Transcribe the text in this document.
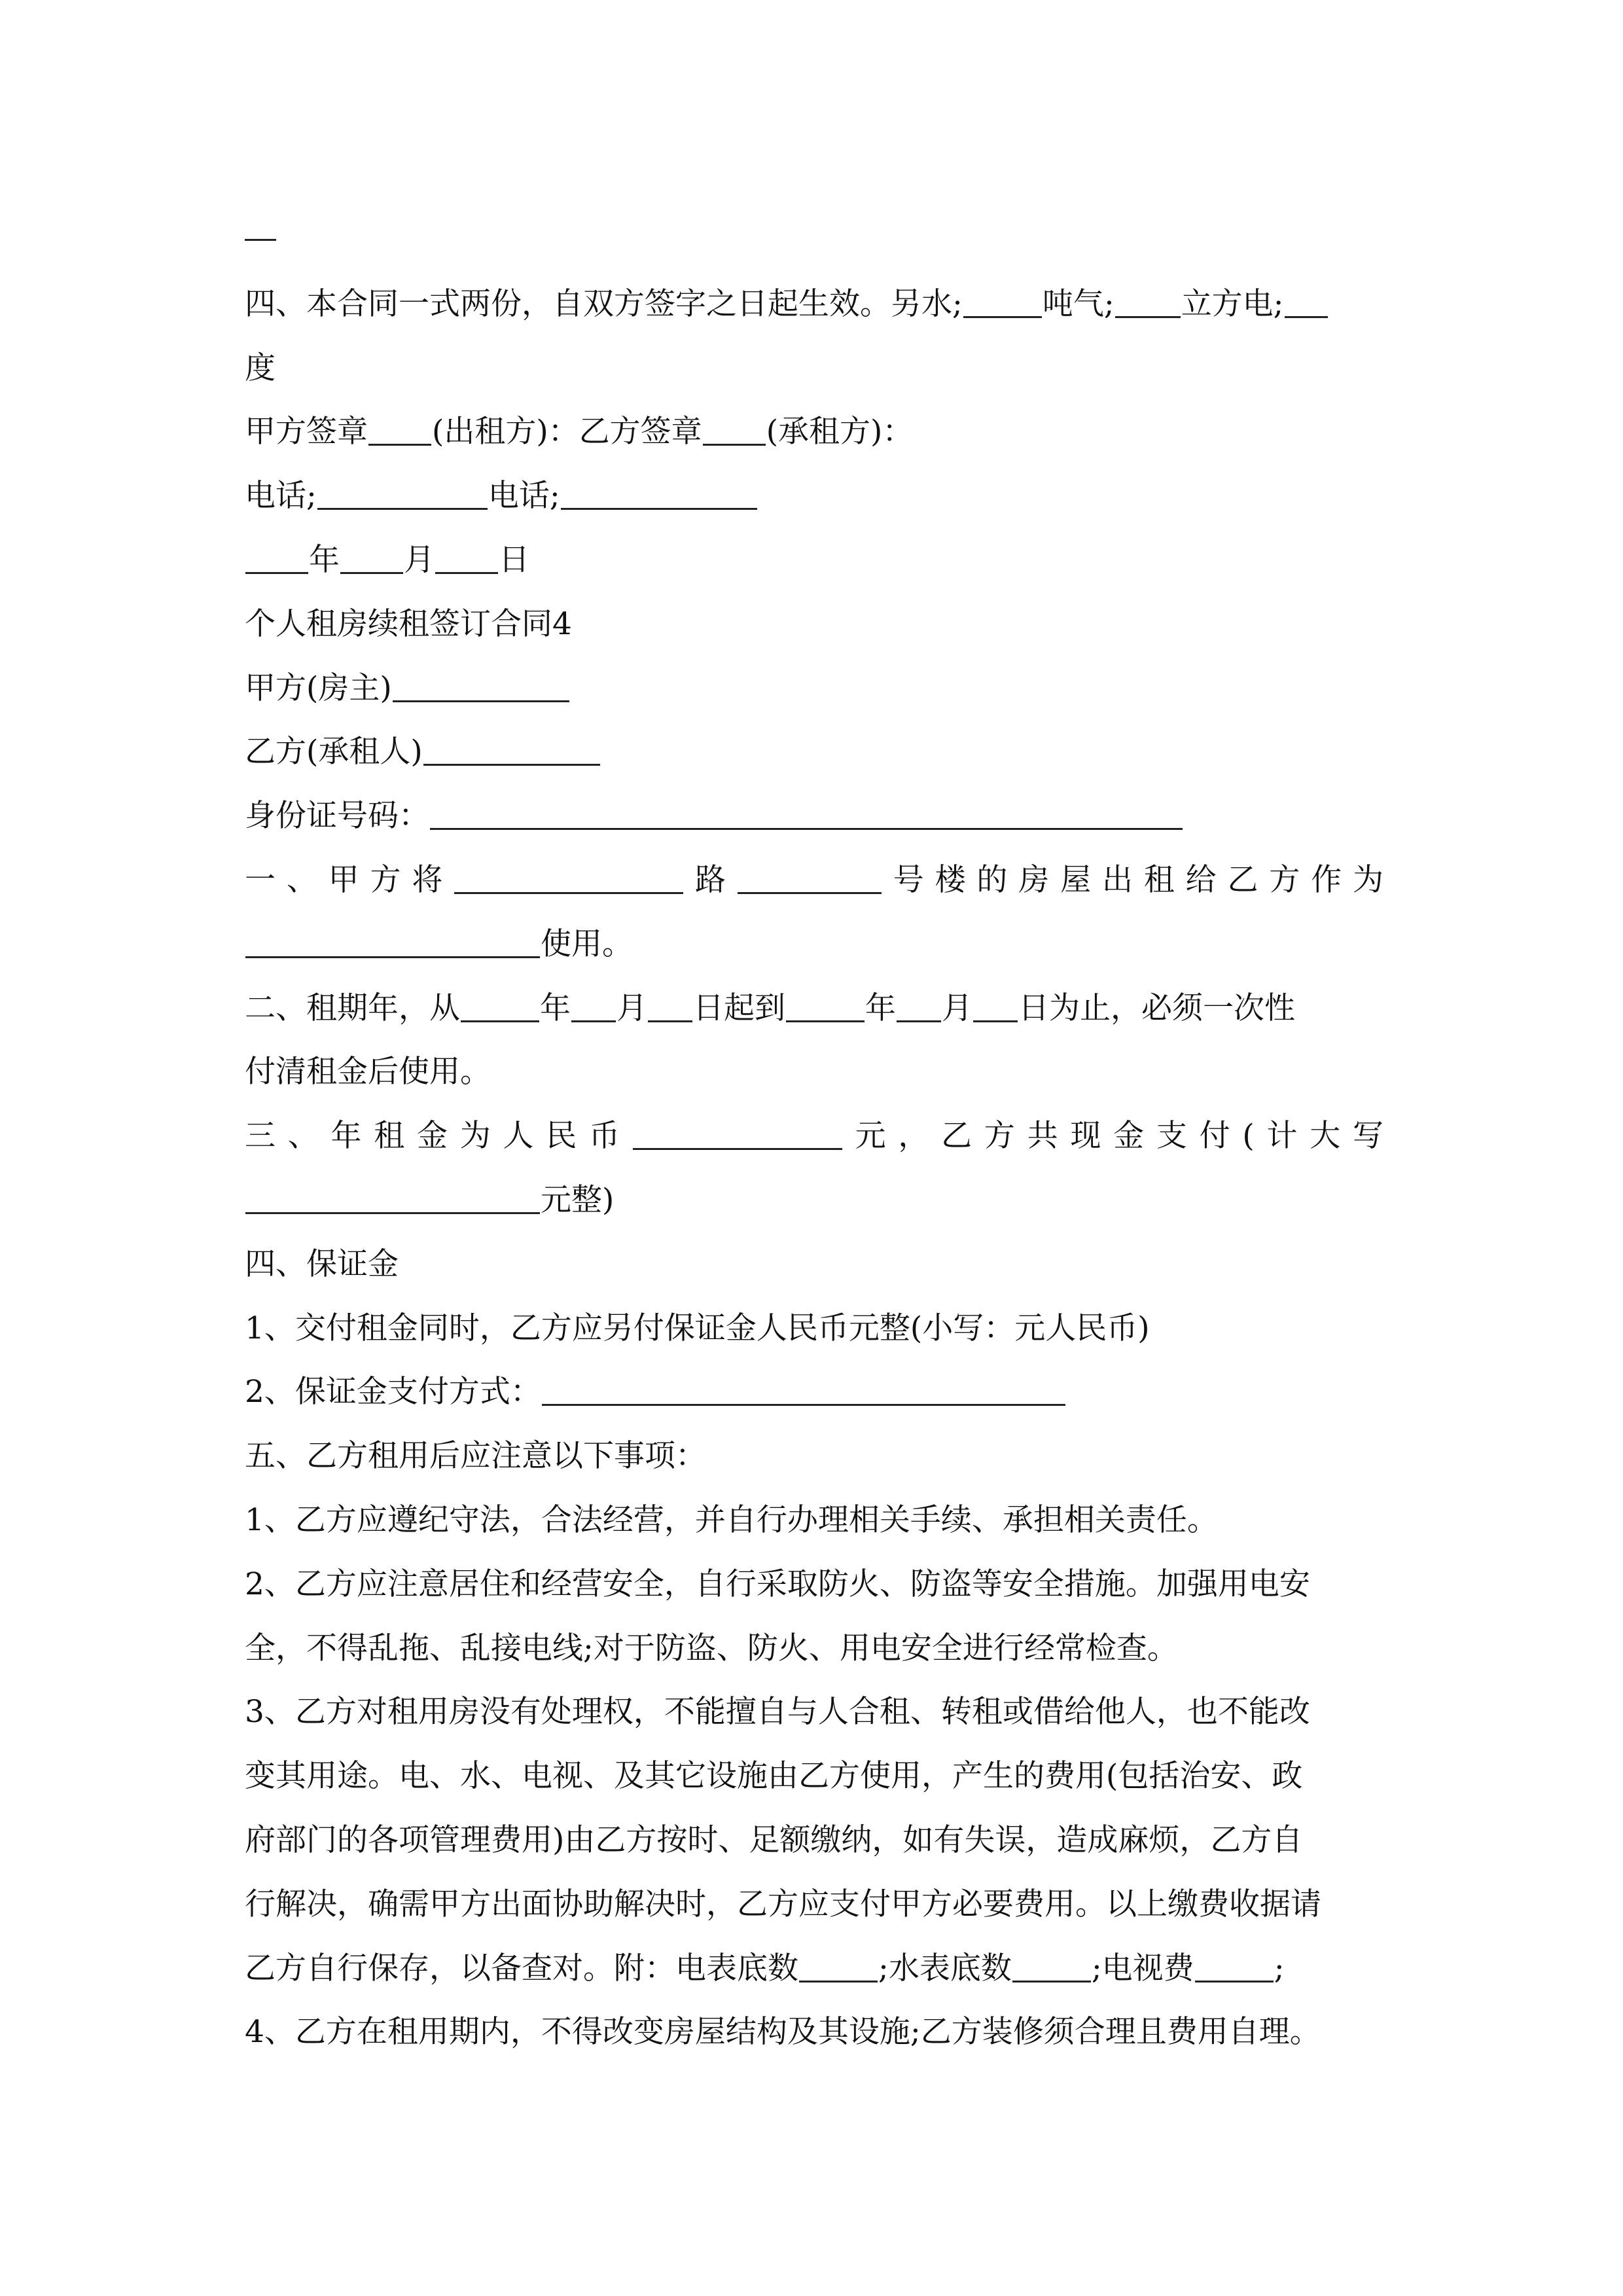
四、本合同一式两份，自双方签字之日起生效。另水;	吨气; 立方电;
度
甲方签章 (出租方)：乙方签章 (承租方)：
电话;	电话;
年 月 日
个人租房续租签订合同4
甲方(房主)
乙方(承租人)
身份证号码：
一、甲方将	路	号楼的房屋出租给乙方作为
使用。
二、租期年，从	年 月 日起到	年 月 日为止，必须一次性
付清租金后使用。
三、年租金为人民币	元，乙方共现金支付(计大写
元整)
四、保证金
1、交付租金同时，乙方应另付保证金人民币元整(小写：元人民币)
2、保证金支付方式：
五、乙方租用后应注意以下事项：
1、乙方应遵纪守法，合法经营，并自行办理相关手续、承担相关责任。
2、乙方应注意居住和经营安全，自行采取防火、防盗等安全措施。加强用电安
全，不得乱拖、乱接电线;对于防盗、防火、用电安全进行经常检查。
3、乙方对租用房没有处理权，不能擅自与人合租、转租或借给他人，也不能改
变其用途。电、水、电视、及其它设施由乙方使用，产生的费用(包括治安、政
府部门的各项管理费用)由乙方按时、足额缴纳，如有失误，造成麻烦，乙方自
行解决，确需甲方出面协助解决时，乙方应支付甲方必要费用。以上缴费收据请
乙方自行保存，以备查对。附：电表底数	;水表底数	;电视费	;
4、乙方在租用期内，不得改变房屋结构及其设施;乙方装修须合理且费用自理。
